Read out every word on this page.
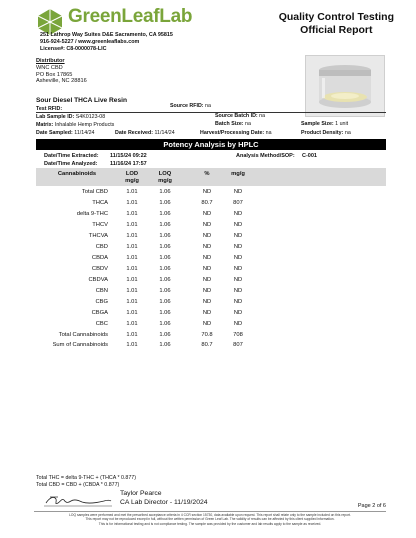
GreenLeafLab
251 Lathrop Way Suites D&E Sacramento, CA 95815
916-924-5227 / www.greenleaflabs.com
License#: C8-0000078-LIC
Quality Control Testing
Official Report
Distributor
WNC CBD
PO Box 17865
Asheville, NC 28816
Sour Diesel THCA Live Resin
Test RFID:	Source RFID: na
Lab Sample ID: S4K0123-08	Source Batch ID: na
Matrix: Inhalable Hemp Products	Batch Size: na	Sample Size: 1 unit
Date Sampled: 11/14/24	Date Received: 11/14/24	Harvest/Processing Date: na	Product Density: na
Potency Analysis by HPLC
Date/Time Extracted: 11/15/24 09:22
Date/Time Analyzed: 11/16/24 17:57
Analysis Method/SOP: C-001
Cannabinoids	LOD
mg/g
LOQ
mg/g
%	mg/g
Total CBD	1.01	1.06	ND	ND
THCA	1.01	1.06	80.7	807
delta 9-THC	1.01	1.06	ND	ND
THCV	1.01	1.06	ND	ND
THCVA	1.01	1.06	ND	ND
CBD	1.01	1.06	ND	ND
CBDA	1.01	1.06	ND	ND
CBDV	1.01	1.06	ND	ND
CBDVA	1.01	1.06	ND	ND
CBN	1.01	1.06	ND	ND
CBG	1.01	1.06	ND	ND
CBGA	1.01	1.06	ND	ND
CBC	1.01	1.06	ND	ND
Total Cannabinoids	1.01	1.06	70.8	708
Sum of Cannabinoids	1.01	1.06	80.7	807
Total THC = delta 9-THC + (THCA * 0.877)
Total CBD = CBD + (CBDA * 0.877)
Taylor Pearce
CA Lab Director - 11/19/2024
Page 2 of 6
LOQ samples were performed and met the prescribed acceptance criteria in 4 CCR section 15730, data available upon request. This report shall relate only to the sample included on this report.
This report may not be reproduced except in full, without the written permission of Green Leaf Lab. The validity of results can be affected by this client supplied information.
This is for informational testing and is not compliance testing. The sample was provided by the customer and lab results apply to the sample as received.
